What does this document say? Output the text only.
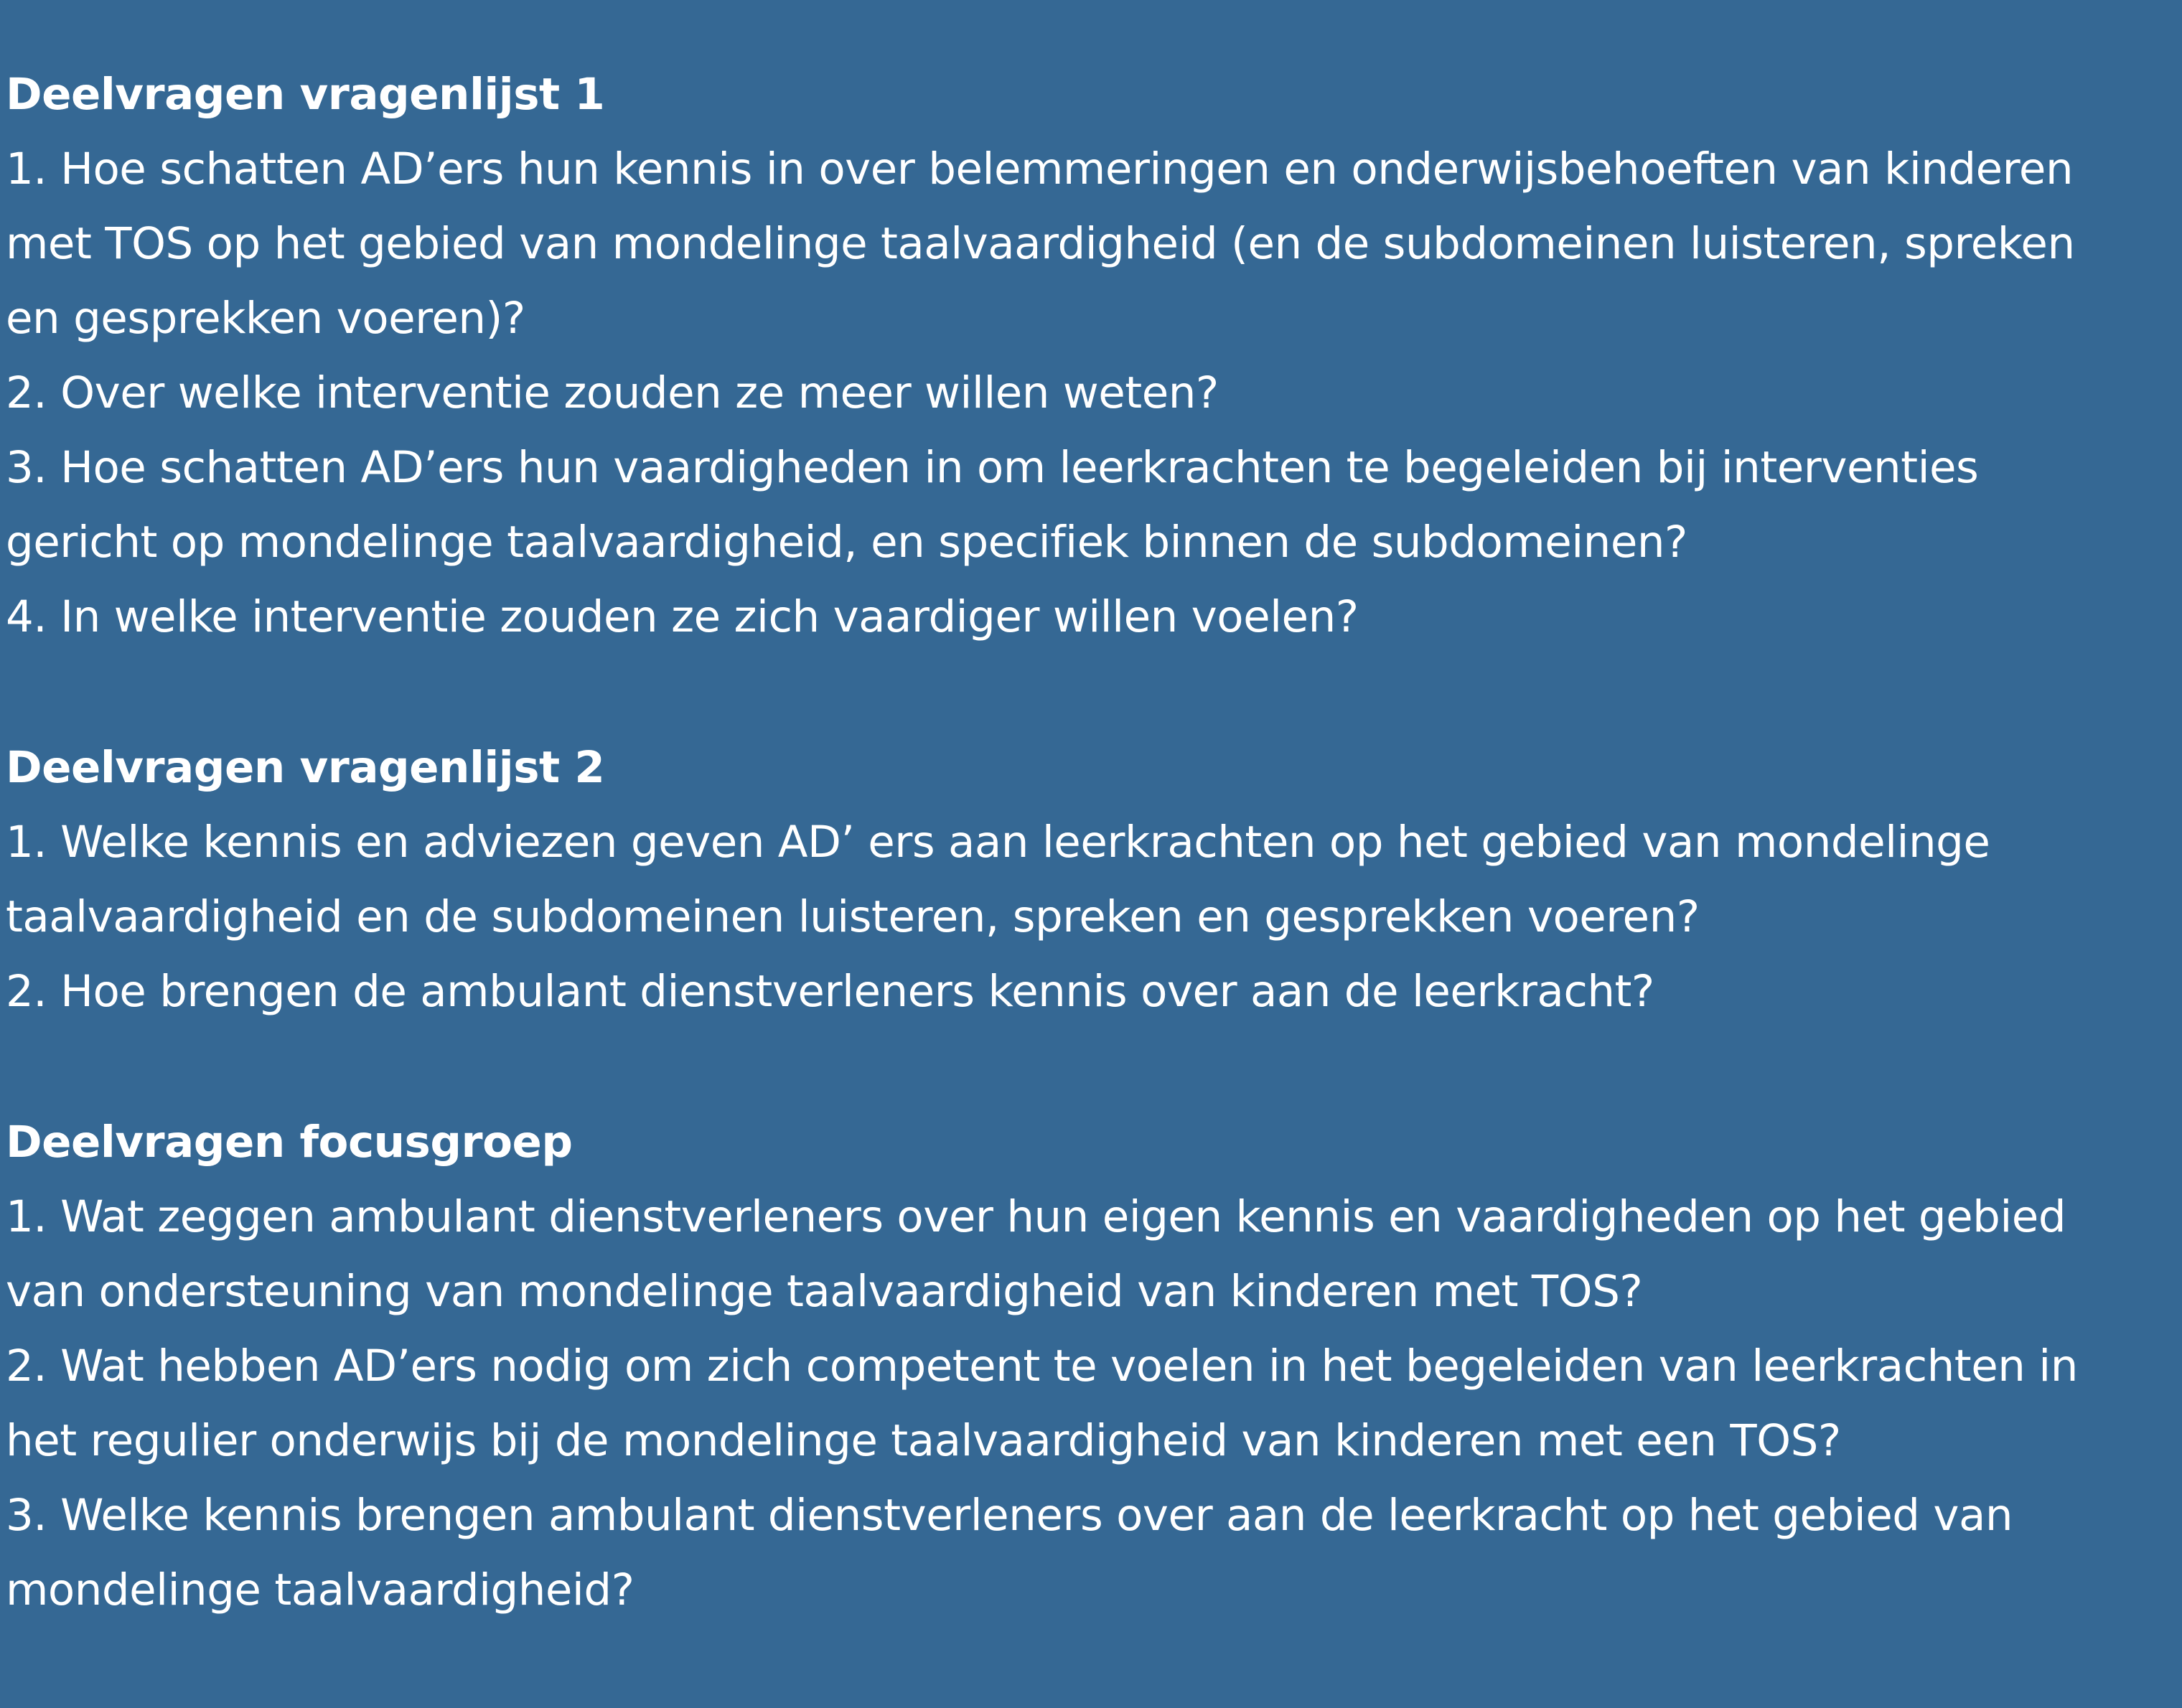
Deelvragen vragenlijst 1
1. Hoe schatten AD’ers hun kennis in over belemmeringen en onderwijsbehoeften van kinderen
met TOS op het gebied van mondelinge taalvaardigheid (en de subdomeinen luisteren, spreken
en gesprekken voeren)?
2. Over welke interventie zouden ze meer willen weten?
3. Hoe schatten AD’ers hun vaardigheden in om leerkrachten te begeleiden bij interventies
gericht op mondelinge taalvaardigheid, en specifiek binnen de subdomeinen?
4. In welke interventie zouden ze zich vaardiger willen voelen?
Deelvragen vragenlijst 2
1. Welke kennis en adviezen geven AD’ ers aan leerkrachten op het gebied van mondelinge
taalvaardigheid en de subdomeinen luisteren, spreken en gesprekken voeren?
2. Hoe brengen de ambulant dienstverleners kennis over aan de leerkracht?
Deelvragen focusgroep
1. Wat zeggen ambulant dienstverleners over hun eigen kennis en vaardigheden op het gebied
van ondersteuning van mondelinge taalvaardigheid van kinderen met TOS?
2. Wat hebben AD’ers nodig om zich competent te voelen in het begeleiden van leerkrachten in
het regulier onderwijs bij de mondelinge taalvaardigheid van kinderen met een TOS?
3. Welke kennis brengen ambulant dienstverleners over aan de leerkracht op het gebied van
mondelinge taalvaardigheid?
